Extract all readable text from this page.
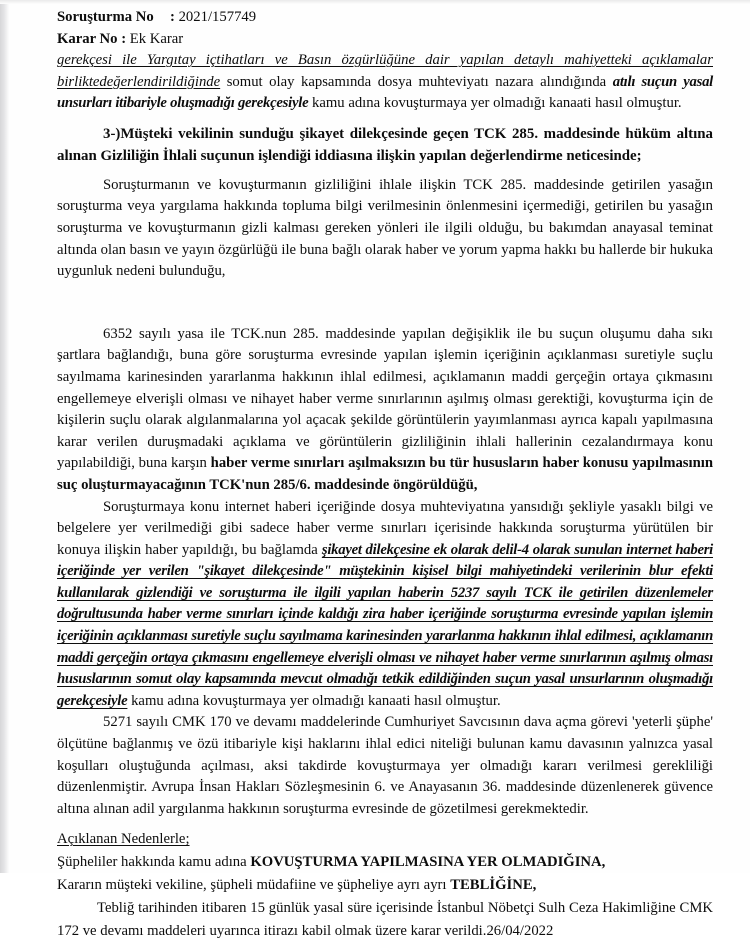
Soruşturma No : 2021/157749
Karar No : Ek Karar

gerekçesi ile Yargıtay içtihatları ve Basın özgürlüğüne dair yapılan detaylı mahiyetteki açıklamalar birliktedeğerlendirildiğinde somut olay kapsamında dosya muhteviyatı nazara alındığında atılı suçun yasal unsurları itibariyle oluşmadığı gerekçesiyle kamu adına kovuşturmaya yer olmadığı kanaati hasıl olmuştur.

3-)Müşteki vekilinin sunduğu şikayet dilekçesinde geçen TCK 285. maddesinde hüküm altına alınan Gizliliğin İhlali suçunun işlendiği iddiasına ilişkin yapılan değerlendirme neticesinde;

Soruşturmanın ve kovuşturmanın gizliliğini ihlale ilişkin TCK 285. maddesinde getirilen yasağın soruşturma veya yargılama hakkında topluma bilgi verilmesinin önlenmesini içermediği, getirilen bu yasağın soruşturma ve kovuşturmanın gizli kalması gereken yönleri ile ilgili olduğu, bu bakımdan anayasal teminat altında olan basın ve yayın özgürlüğü ile buna bağlı olarak haber ve yorum yapma hakkı bu hallerde bir hukuka uygunluk nedeni bulunduğu,

6352 sayılı yasa ile TCK.nun 285. maddesinde yapılan değişiklik ile bu suçun oluşumu daha sıkı şartlara bağlandığı, buna göre soruşturma evresinde yapılan işlemin içeriğinin açıklanması suretiyle suçlu sayılmama karinesinden yararlanma hakkının ihlal edilmesi, açıklamanın maddi gerçeğin ortaya çıkmasını engellemeye elverişli olması ve nihayet haber verme sınırlarının aşılmış olması gerektiği, kovuşturma için de kişilerin suçlu olarak algılanmalarına yol açacak şekilde görüntülerin yayımlanması ayrıca kapalı yapılmasına karar verilen duruşmadaki açıklama ve görüntülerin gizliliğinin ihlali hallerinin cezalandırmaya konu yapılabildiği, buna karşın haber verme sınırları aşılmaksızın bu tür hususların haber konusu yapılmasının suç oluşturmayacağının TCK'nun 285/6. maddesinde öngörüldüğü,

Soruşturmaya konu internet haberi içeriğinde dosya muhteviyatına yansıdığı şekliyle yasaklı bilgi ve belgelere yer verilmediği gibi sadece haber verme sınırları içerisinde hakkında soruşturma yürütülen bir konuya ilişkin haber yapıldığı, bu bağlamda şikayet dilekçesine ek olarak delil-4 olarak sunulan internet haberi içeriğinde yer verilen "şikayet dilekçesinde" müştekinin kişisel bilgi mahiyetindeki verilerinin blur efekti kullanılarak gizlendiği ve soruşturma ile ilgili yapılan haberin 5237 sayılı TCK ile getirilen düzenlemeler doğrultusunda haber verme sınırları içinde kaldığı zira haber içeriğinde soruşturma evresinde yapılan işlemin içeriğinin açıklanması suretiyle suçlu sayılmama karinesinden yararlanma hakkının ihlal edilmesi, açıklamanın maddi gerçeğin ortaya çıkmasını engellemeye elverişli olması ve nihayet haber verme sınırlarının aşılmış olması hususlarının somut olay kapsamında mevcut olmadığı tetkik edildiğinden suçun yasal unsurlarının oluşmadığı gerekçesiyle kamu adına kovuşturmaya yer olmadığı kanaati hasıl olmuştur.

5271 sayılı CMK 170 ve devamı maddelerinde Cumhuriyet Savcısının dava açma görevi 'yeterli şüphe' ölçütüne bağlanmış ve özü itibariyle kişi haklarını ihlal edici niteliği bulunan kamu davasının yalnızca yasal koşulları oluştuğunda açılması, aksi takdirde kovuşturmaya yer olmadığı kararı verilmesi gerekliliği düzenlenmiştir. Avrupa İnsan Hakları Sözleşmesinin 6. ve Anayasanın 36. maddesinde düzenlenerek güvence altına alınan adil yargılanma hakkının soruşturma evresinde de gözetilmesi gerekmektedir.

Açıklanan Nedenlerle;

Şüpheliler hakkında kamu adına KOVUŞTURMA YAPILMASINA YER OLMADIĞINA,

Kararın müşteki vekiline, şüpheli müdafiine ve şüpheliye ayrı ayrı TEBLİĞİNE,

Tebliğ tarihinden itibaren 15 günlük yasal süre içerisinde İstanbul Nöbetçi Sulh Ceza Hakimliğine CMK 172 ve devamı maddeleri uyarınca itirazı kabil olmak üzere karar verildi.26/04/2022
